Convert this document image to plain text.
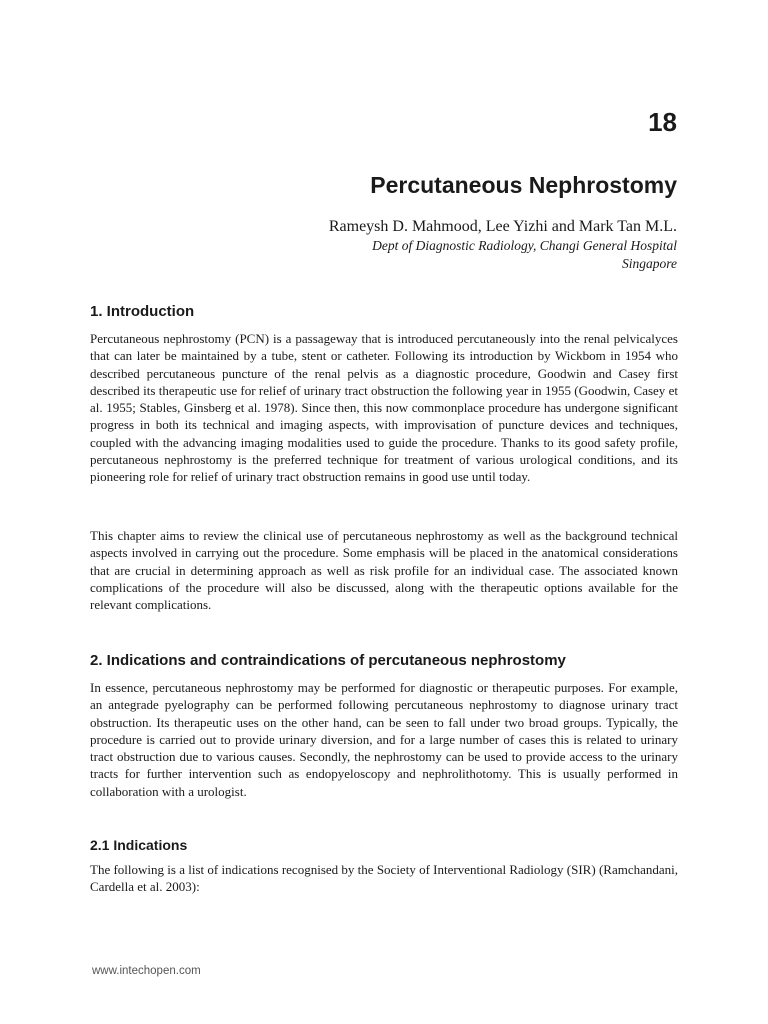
18
Percutaneous Nephrostomy
Rameysh D. Mahmood, Lee Yizhi and Mark Tan M.L.
Dept of Diagnostic Radiology, Changi General Hospital
Singapore
1. Introduction

Percutaneous nephrostomy (PCN) is a passageway that is introduced percutaneously into the renal pelvicalyces that can later be maintained by a tube, stent or catheter. Following its introduction by Wickbom in 1954 who described percutaneous puncture of the renal pelvis as a diagnostic procedure, Goodwin and Casey first described its therapeutic use for relief of urinary tract obstruction the following year in 1955 (Goodwin, Casey et al. 1955; Stables, Ginsberg et al. 1978). Since then, this now commonplace procedure has undergone significant progress in both its technical and imaging aspects, with improvisation of puncture devices and techniques, coupled with the advancing imaging modalities used to guide the procedure. Thanks to its good safety profile, percutaneous nephrostomy is the preferred technique for treatment of various urological conditions, and its pioneering role for relief of urinary tract obstruction remains in good use until today.

This chapter aims to review the clinical use of percutaneous nephrostomy as well as the background technical aspects involved in carrying out the procedure. Some emphasis will be placed in the anatomical considerations that are crucial in determining approach as well as risk profile for an individual case. The associated known complications of the procedure will also be discussed, along with the therapeutic options available for the relevant complications.

2. Indications and contraindications of percutaneous nephrostomy

In essence, percutaneous nephrostomy may be performed for diagnostic or therapeutic purposes. For example, an antegrade pyelography can be performed following percutaneous nephrostomy to diagnose urinary tract obstruction. Its therapeutic uses on the other hand, can be seen to fall under two broad groups. Typically, the procedure is carried out to provide urinary diversion, and for a large number of cases this is related to urinary tract obstruction due to various causes. Secondly, the nephrostomy can be used to provide access to the urinary tracts for further intervention such as endopyeloscopy and nephrolithotomy. This is usually performed in collaboration with a urologist.

2.1 Indications

The following is a list of indications recognised by the Society of Interventional Radiology (SIR) (Ramchandani, Cardella et al. 2003):

www.intechopen.com
